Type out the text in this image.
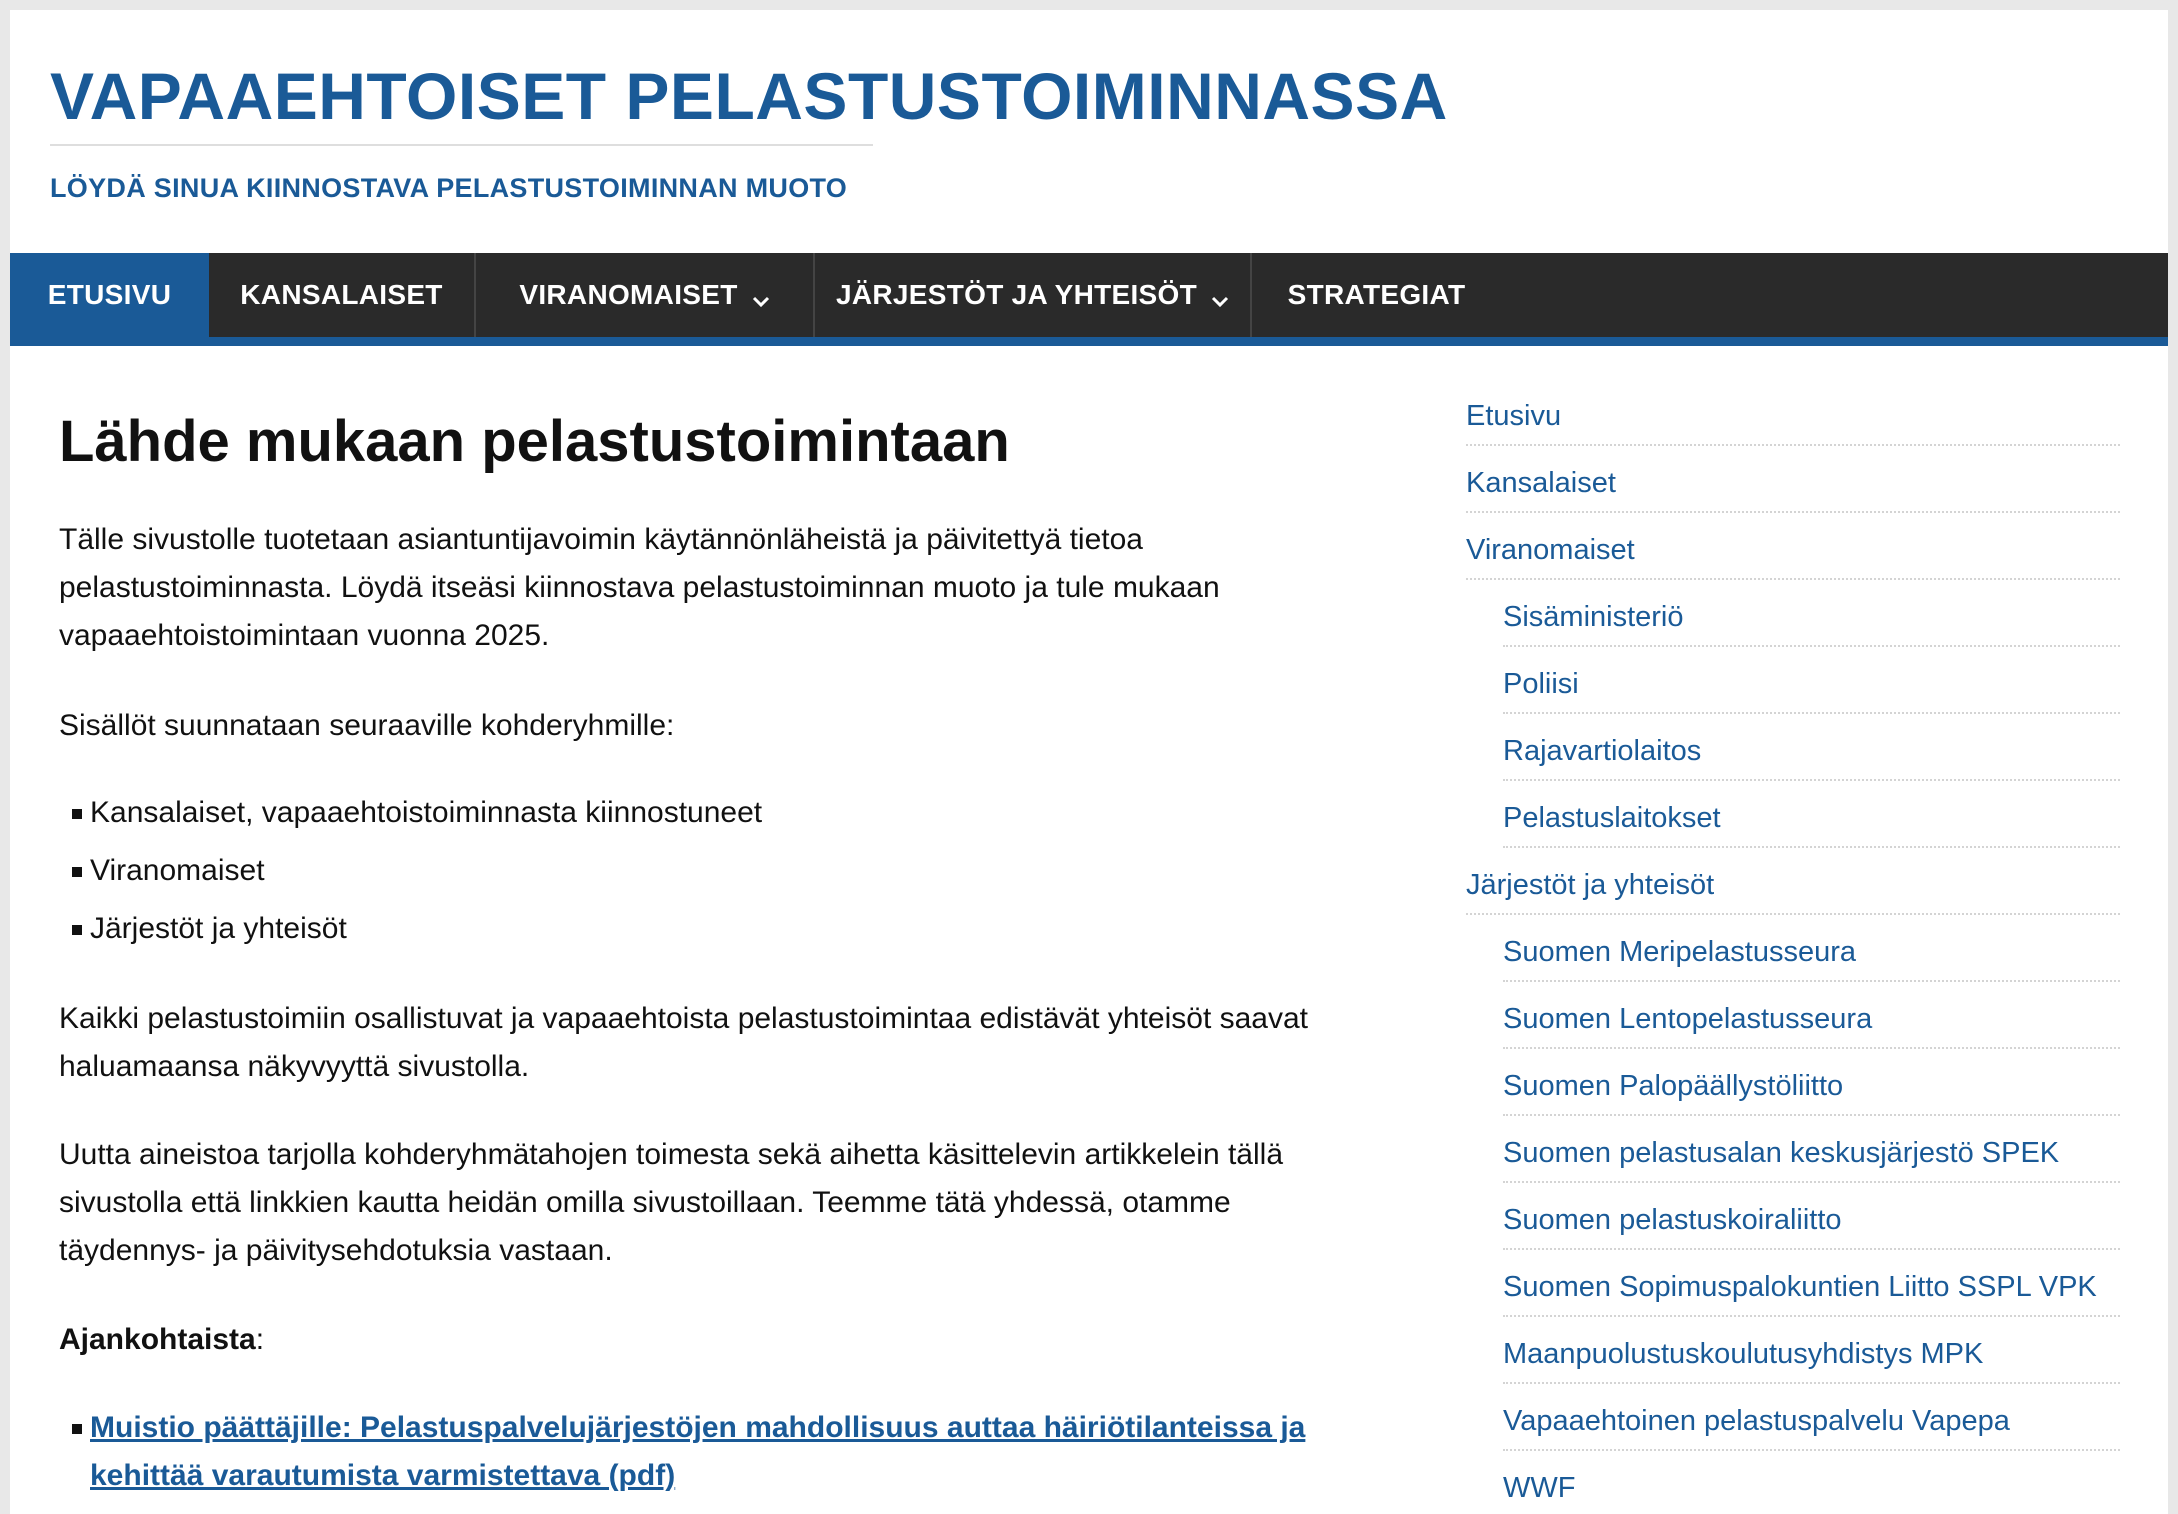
VAPAAEHTOISET PELASTUSTOIMINNASSA
LÖYDÄ SINUA KIINNOSTAVA PELASTUSTOIMINNAN MUOTO
ETUSIVU KANSALAISET	VIRANOMAISET	JÄRJESTÖT JA YHTEISÖT	STRATEGIAT
Lähde mukaan pelastustoimintaan

Tälle sivustolle tuotetaan asiantuntijavoimin käytännönläheistä ja päivitettyä tietoa
pelastustoiminnasta. Löydä itseäsi kiinnostava pelastustoiminnan muoto ja tule mukaan
vapaaehtoistoimintaan vuonna 2025.

Sisällöt suunnataan seuraaville kohderyhmille:

Kansalaiset, vapaaehtoistoiminnasta kiinnostuneet
Viranomaiset
Järjestöt ja yhteisöt

Kaikki pelastustoimiin osallistuvat ja vapaaehtoista pelastustoimintaa edistävät yhteisöt saavat
haluamaansa näkyvyyttä sivustolla.

Uutta aineistoa tarjolla kohderyhmätahojen toimesta sekä aihetta käsittelevin artikkelein tällä
sivustolla että linkkien kautta heidän omilla sivustoillaan. Teemme tätä yhdessä, otamme
täydennys- ja päivitysehdotuksia vastaan.

Ajankohtaista:

Muistio päättäjille: Pelastuspalvelujärjestöjen mahdollisuus auttaa häiriötilanteissa ja
kehittää varautumista varmistettava (pdf)
Etusivu
Kansalaiset
Viranomaiset
Sisäministeriö
Poliisi
Rajavartiolaitos
Pelastuslaitokset
Järjestöt ja yhteisöt
Suomen Meripelastusseura
Suomen Lentopelastusseura
Suomen Palopäällystöliitto
Suomen pelastusalan keskusjärjestö SPEK
Suomen pelastuskoiraliitto
Suomen Sopimuspalokuntien Liitto SSPL VPK
Maanpuolustuskoulutusyhdistys MPK
Vapaaehtoinen pelastuspalvelu Vapepa
WWF
